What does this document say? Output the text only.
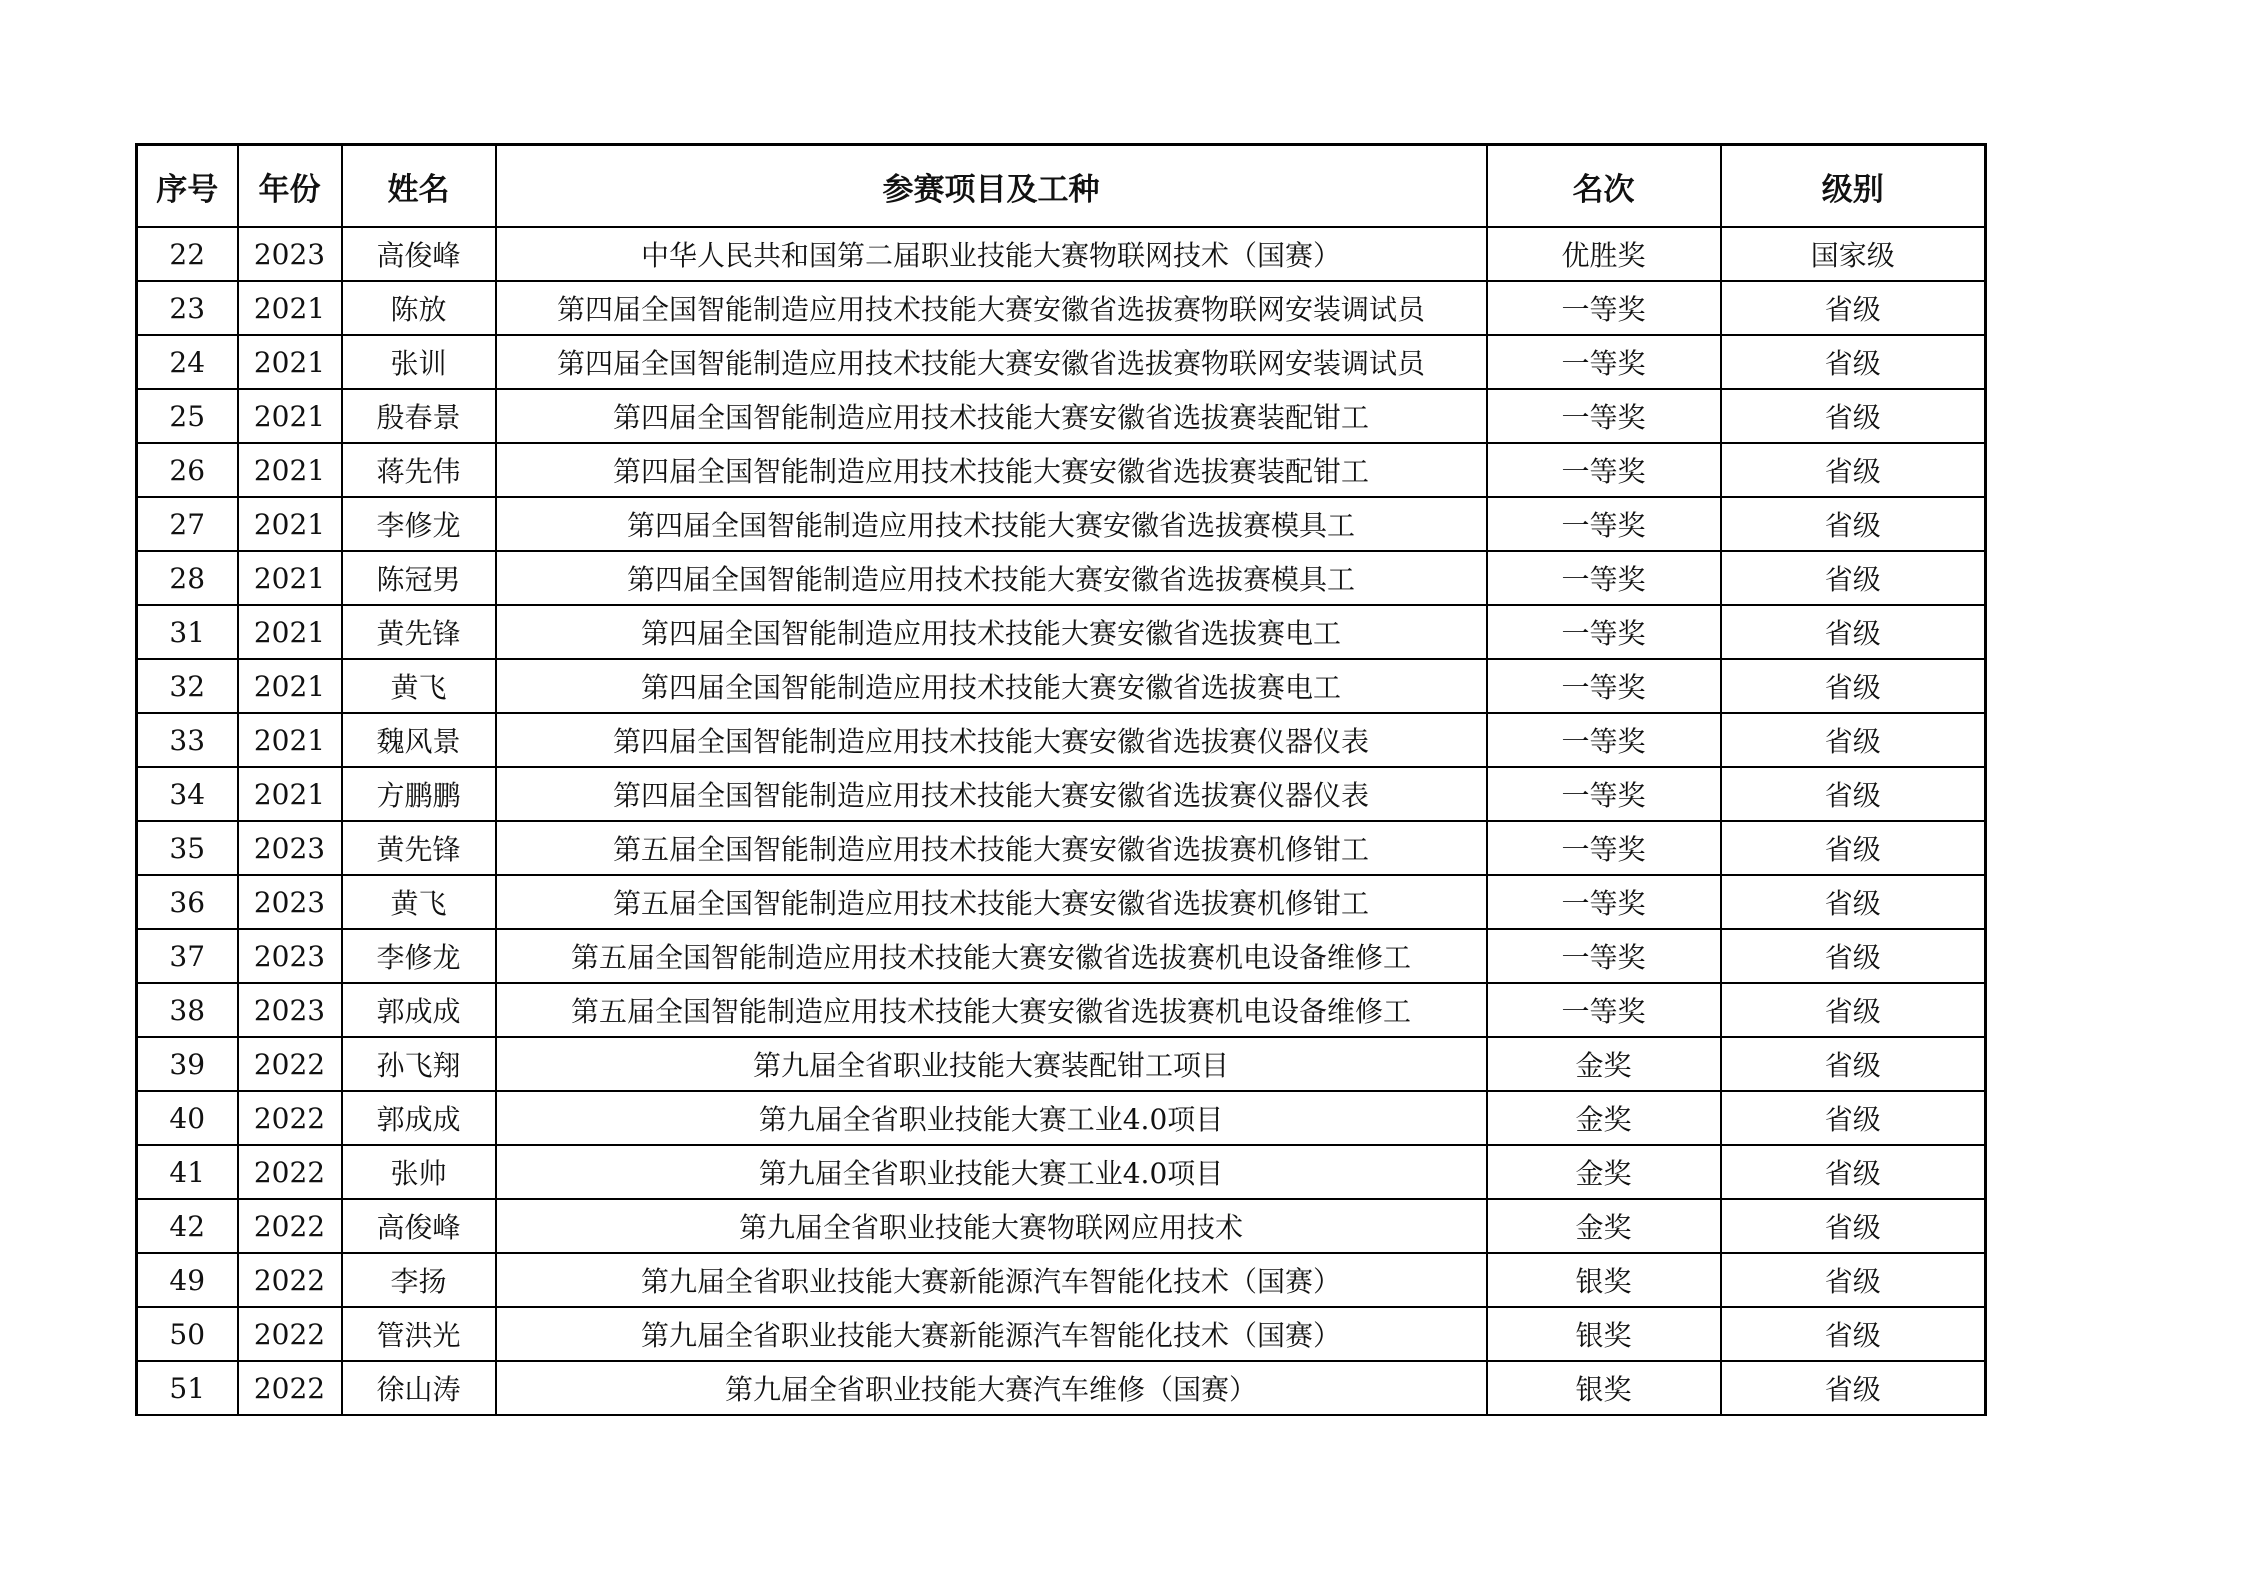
序号	年份	姓名	参赛项目及工种	名次	级别
22	2023	高俊峰	中华人民共和国第二届职业技能大赛物联网技术（国赛）	优胜奖	国家级
23	2021	陈放	第四届全国智能制造应用技术技能大赛安徽省选拔赛物联网安装调试员	一等奖	省级
24	2021	张训	第四届全国智能制造应用技术技能大赛安徽省选拔赛物联网安装调试员	一等奖	省级
25	2021	殷春景	第四届全国智能制造应用技术技能大赛安徽省选拔赛装配钳工	一等奖	省级
26	2021	蒋先伟	第四届全国智能制造应用技术技能大赛安徽省选拔赛装配钳工	一等奖	省级
27	2021	李修龙	第四届全国智能制造应用技术技能大赛安徽省选拔赛模具工	一等奖	省级
28	2021	陈冠男	第四届全国智能制造应用技术技能大赛安徽省选拔赛模具工	一等奖	省级
31	2021	黄先锋	第四届全国智能制造应用技术技能大赛安徽省选拔赛电工	一等奖	省级
32	2021	黄飞	第四届全国智能制造应用技术技能大赛安徽省选拔赛电工	一等奖	省级
33	2021	魏风景	第四届全国智能制造应用技术技能大赛安徽省选拔赛仪器仪表	一等奖	省级
34	2021	方鹏鹏	第四届全国智能制造应用技术技能大赛安徽省选拔赛仪器仪表	一等奖	省级
35	2023	黄先锋	第五届全国智能制造应用技术技能大赛安徽省选拔赛机修钳工	一等奖	省级
36	2023	黄飞	第五届全国智能制造应用技术技能大赛安徽省选拔赛机修钳工	一等奖	省级
37	2023	李修龙	第五届全国智能制造应用技术技能大赛安徽省选拔赛机电设备维修工	一等奖	省级
38	2023	郭成成	第五届全国智能制造应用技术技能大赛安徽省选拔赛机电设备维修工	一等奖	省级
39	2022	孙飞翔	第九届全省职业技能大赛装配钳工项目	金奖	省级
40	2022	郭成成	第九届全省职业技能大赛工业4.0项目	金奖	省级
41	2022	张帅	第九届全省职业技能大赛工业4.0项目	金奖	省级
42	2022	高俊峰	第九届全省职业技能大赛物联网应用技术	金奖	省级
49	2022	李扬	第九届全省职业技能大赛新能源汽车智能化技术（国赛）	银奖	省级
50	2022	管洪光	第九届全省职业技能大赛新能源汽车智能化技术（国赛）	银奖	省级
51	2022	徐山涛	第九届全省职业技能大赛汽车维修（国赛）	银奖	省级
